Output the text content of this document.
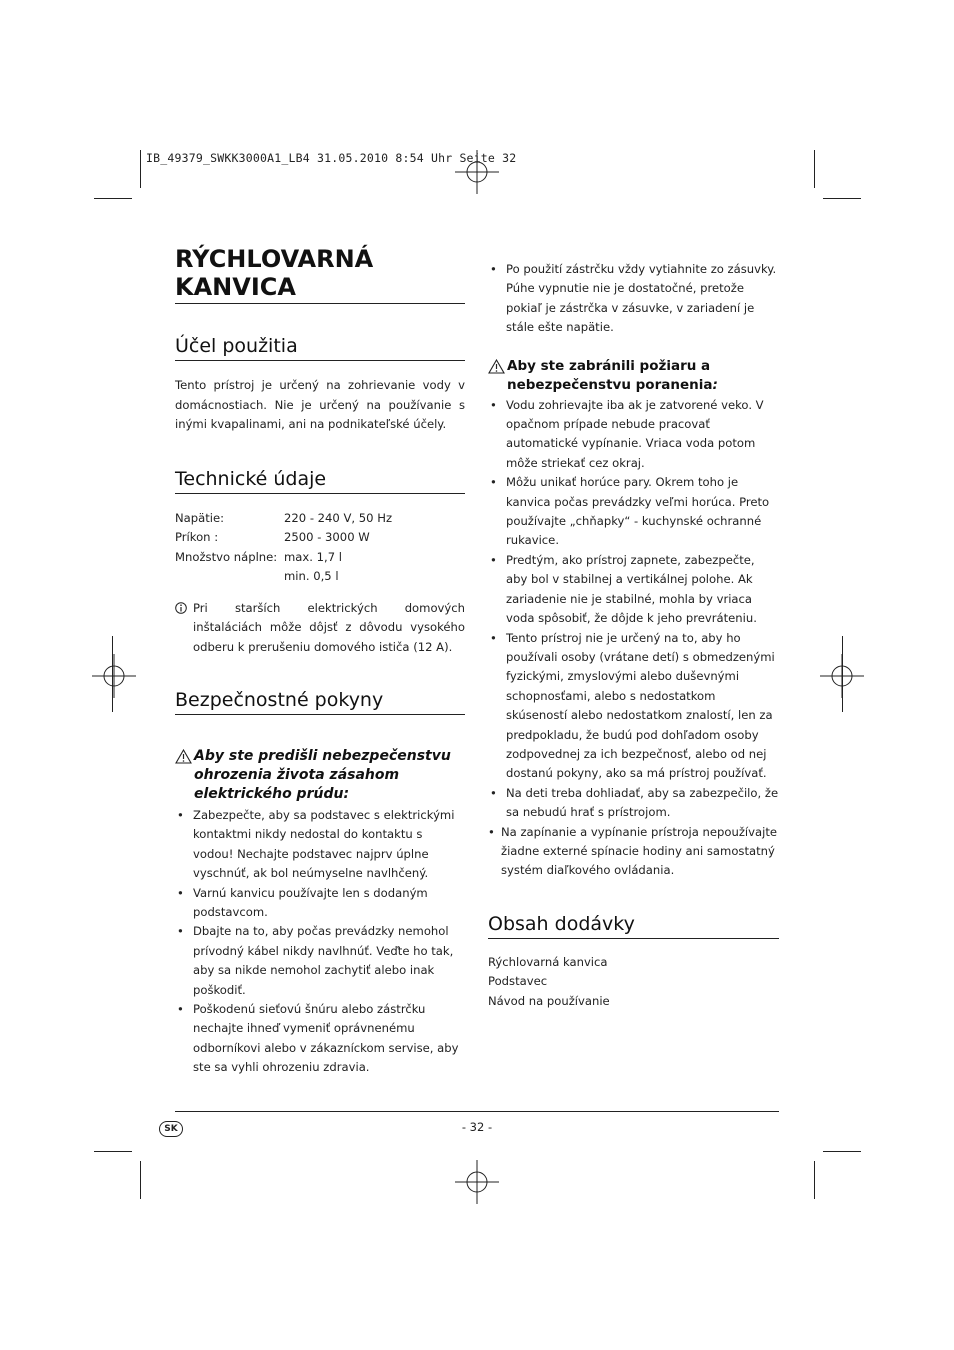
IB_49379_SWKK3000A1_LB4 31.05.2010 8:54 Uhr Seite 32
RÝCHLOVARNÁ
KANVICA
Účel použitia

Tento prístroj je určený na zohrievanie vody v domácnostiach. Nie je určený na používanie s inými kvapalinami, ani na podnikateľské účely.

Technické údaje
Napätie:	220 - 240 V, 50 Hz
Príkon :	2500 - 3000 W
Množstvo náplne:	max. 1,7 l
	min. 0,5 l

Pri starších elektrických domových inštaláciách môže dôjsť z dôvodu vysokého odberu k prerušeniu domového ističa (12 A).

Bezpečnostné pokyny

Aby ste predišli nebezpečenstvu ohrozenia života zásahom elektrického prúdu:

• Zabezpečte, aby sa podstavec s elektrickými kontaktmi nikdy nedostal do kontaktu s vodou! Nechajte podstavec najprv úplne vyschnúť, ak bol neúmyselne navlhčený.
• Varnú kanvicu používajte len s dodaným podstavcom.
• Dbajte na to, aby počas prevádzky nemohol prívodný kábel nikdy navlhnúť. Veďte ho tak, aby sa nikde nemohol zachytiť alebo inak poškodiť.
• Poškodenú sieťovú šnúru alebo zástrčku nechajte ihneď vymeniť oprávnenému odborníkovi alebo v zákazníckom servise, aby ste sa vyhli ohrozeniu zdravia.
• Po použití zástrčku vždy vytiahnite zo zásuvky. Púhe vypnutie nie je dostatočné, pretože pokiaľ je zástrčka v zásuvke, v zariadení je stále ešte napätie.

Aby ste zabránili požiaru a nebezpečenstvu poranenia:

• Vodu zohrievajte iba ak je zatvorené veko. V opačnom prípade nebude pracovať automatické vypínanie. Vriaca voda potom môže striekať cez okraj.
• Môžu unikať horúce pary. Okrem toho je kanvica počas prevádzky veľmi horúca. Preto používajte „chňapky“ - kuchynské ochranné rukavice.
• Predtým, ako prístroj zapnete, zabezpečte, aby bol v stabilnej a vertikálnej polohe. Ak zariadenie nie je stabilné, mohla by vriaca voda spôsobiť, že dôjde k jeho prevráteniu.
• Tento prístroj nie je určený na to, aby ho používali osoby (vrátane detí) s obmedzenými fyzickými, zmyslovými alebo duševnými schopnosťami, alebo s nedostatkom skúseností alebo nedostatkom znalostí, len za predpokladu, že budú pod dohľadom osoby zodpovednej za ich bezpečnosť, alebo od nej dostanú pokyny, ako sa má prístroj používať.
• Na deti treba dohliadať, aby sa zabezpečilo, že sa nebudú hrať s prístrojom.
• Na zapínanie a vypínanie prístroja nepoužívajte žiadne externé spínacie hodiny ani samostatný systém diaľkového ovládania.
Obsah dodávky

Rýchlovarná kanvica

Podstavec

Návod na používanie

SK	- 32 -
